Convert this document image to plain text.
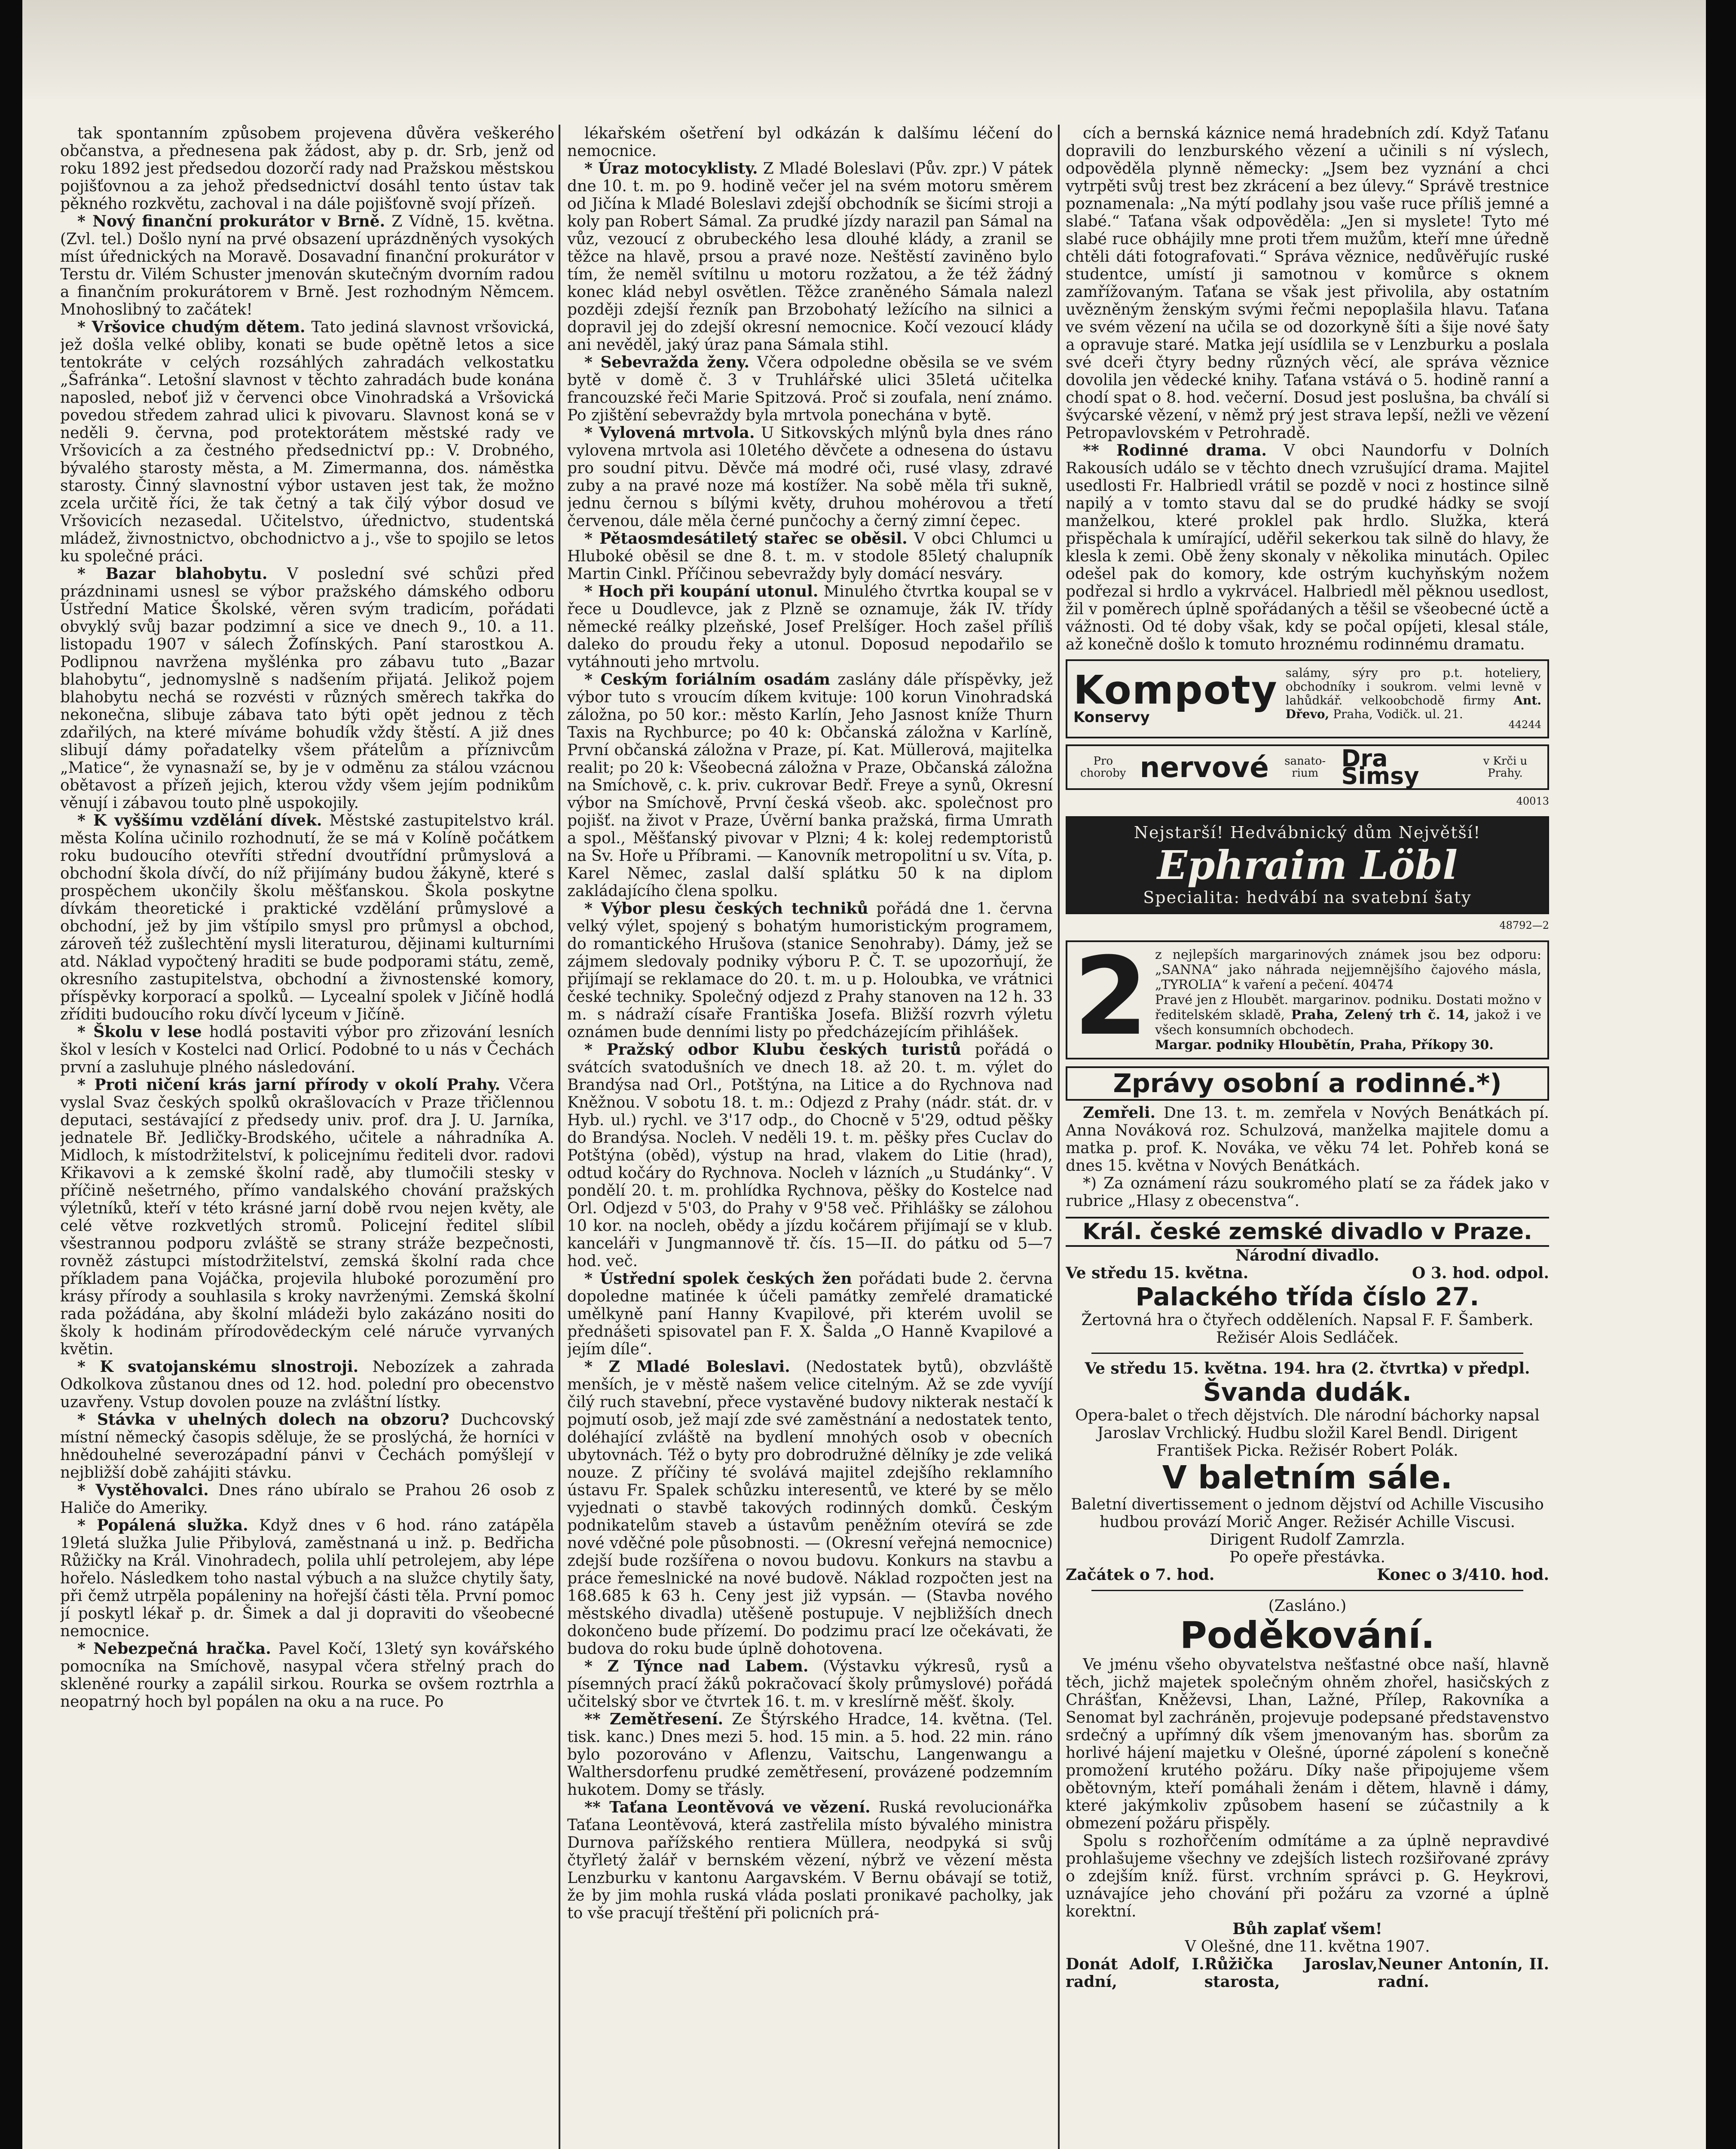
tak spontanním způsobem projevena důvěra veškerého občanstva, a přednesena pak žádost, aby p. dr. Srb, jenž od roku 1892 jest předsedou dozorčí rady nad Pražskou městskou pojišťovnou a za jehož předsednictví dosáhl tento ústav tak pěkného rozkvětu, zachoval i na dále pojišťovně svojí přízeň.

* Nový finanční prokurátor v Brně. Z Vídně, 15. května. (Zvl. tel.) Došlo nyní na prvé obsazení uprázdněných vysokých míst úřednických na Moravě. Dosavadní finanční prokurátor v Terstu dr. Vilém Schuster jmenován skutečným dvorním radou a finančním prokurátorem v Brně. Jest rozhodným Němcem. Mnohoslibný to začátek!

* Vršovice chudým dětem. Tato jediná slavnost vršovická, jež došla velké obliby, konati se bude opětně letos a sice tentokráte v celých rozsáhlých zahradách velkostatku „Šafránka“. Letošní slavnost v těchto zahradách bude konána naposled, neboť již v červenci obce Vinohradská a Vršovická povedou středem zahrad ulici k pivovaru. Slavnost koná se v neděli 9. června, pod protektorátem městské rady ve Vršovicích a za čestného předsednictví pp.: V. Drobného, bývalého starosty města, a M. Zimermanna, dos. náměstka starosty. Činný slavnostní výbor ustaven jest tak, že možno zcela určitě říci, že tak četný a tak čilý výbor dosud ve Vršovicích nezasedal. Učitelstvo, úřednictvo, studentská mládež, živnostnictvo, obchodnictvo a j., vše to spojilo se letos ku společné práci.

* Bazar blahobytu. V poslední své schůzi před prázdninami usnesl se výbor pražského dámského odboru Ústřední Matice Školské, věren svým tradicím, pořádati obvyklý svůj bazar podzimní a sice ve dnech 9., 10. a 11. listopadu 1907 v sálech Žofínských. Paní starostkou A. Podlipnou navržena myšlénka pro zábavu tuto „Bazar blahobytu“, jednomyslně s nadšením přijatá. Jelikož pojem blahobytu nechá se rozvésti v různých směrech takřka do nekonečna, slibuje zábava tato býti opět jednou z těch zdařilých, na které míváme bohudík vždy štěstí. A již dnes slibují dámy pořadatelky všem přátelům a příznivcům „Matice“, že vynasnaží se, by je v odměnu za stálou vzácnou obětavost a přízeň jejich, kterou vždy všem jejím podnikům věnují i zábavou touto plně uspokojily.

* K vyššímu vzdělání dívek. Městské zastupitelstvo král. města Kolína učinilo rozhodnutí, že se má v Kolíně počátkem roku budoucího otevříti střední dvoutřídní průmyslová a obchodní škola dívčí, do níž přijímány budou žákyně, které s prospěchem ukončily školu měšťanskou. Škola poskytne dívkám theoretické i praktické vzdělání průmyslové a obchodní, jež by jim vštípilo smysl pro průmysl a obchod, zároveň též zušlechtění mysli literaturou, dějinami kulturními atd. Náklad vypočtený hraditi se bude podporami státu, země, okresního zastupitelstva, obchodní a živnostenské komory, příspěvky korporací a spolků. — Lycealní spolek v Jičíně hodlá zříditi budoucího roku dívčí lyceum v Jičíně.

* Školu v lese hodlá postaviti výbor pro zřizování lesních škol v lesích v Kostelci nad Orlicí. Podobné to u nás v Čechách první a zasluhuje plného následování.

* Proti ničení krás jarní přírody v okolí Prahy. Včera vyslal Svaz českých spolků okrašlovacích v Praze třičlennou deputaci, sestávající z předsedy univ. prof. dra J. U. Jarníka, jednatele Bř. Jedličky-Brodského, učitele a náhradníka A. Midloch, k místodržitelství, k policejnímu řediteli dvor. radovi Křikavovi a k zemské školní radě, aby tlumočili stesky v příčině nešetrného, přímo vandalského chování pražských výletníků, kteří v této krásné jarní době rvou nejen květy, ale celé větve rozkvetlých stromů. Policejní ředitel slíbil všestrannou podporu zvláště se strany stráže bezpečnosti, rovněž zástupci místodržitelství, zemská školní rada chce příkladem pana Vojáčka, projevila hluboké porozumění pro krásy přírody a souhlasila s kroky navrženými. Zemská školní rada požádána, aby školní mládeži bylo zakázáno nositi do školy k hodinám přírodovědeckým celé náruče vyrvaných květin.

* K svatojanskému slnostroji. Nebozízek a zahrada Odkolkova zůstanou dnes od 12. hod. polední pro obecenstvo uzavřeny. Vstup dovolen pouze na zvláštní lístky.

* Stávka v uhelných dolech na obzoru? Duchcovský místní německý časopis sděluje, že se proslýchá, že horníci v hnědouhelné severozápadní pánvi v Čechách pomýšlejí v nejbližší době zahájiti stávku.

* Vystěhovalci. Dnes ráno ubíralo se Prahou 26 osob z Haliče do Ameriky.

* Popálená služka. Když dnes v 6 hod. ráno zatápěla 19letá služka Julie Přibylová, zaměstnaná u inž. p. Bedřicha Růžičky na Král. Vinohradech, polila uhlí petrolejem, aby lépe hořelo. Následkem toho nastal výbuch a na služce chytily šaty, při čemž utrpěla popáleniny na hořejší části těla. První pomoc jí poskytl lékař p. dr. Šimek a dal ji dopraviti do všeobecné nemocnice.

* Nebezpečná hračka. Pavel Kočí, 13letý syn kovářského pomocníka na Smíchově, nasypal včera střelný prach do skleněné rourky a zapálil sirkou. Rourka se ovšem roztrhla a neopatrný hoch byl popálen na oku a na ruce. Po

lékařském ošetření byl odkázán k dalšímu léčení do nemocnice.

* Úraz motocyklisty. Z Mladé Boleslavi (Pův. zpr.) V pátek dne 10. t. m. po 9. hodině večer jel na svém motoru směrem od Jičína k Mladé Boleslavi zdejší obchodník se šicími stroji a koly pan Robert Sámal. Za prudké jízdy narazil pan Sámal na vůz, vezoucí z obrubeckého lesa dlouhé klády, a zranil se těžce na hlavě, prsou a pravé noze. Neštěstí zaviněno bylo tím, že neměl svítilnu u motoru rozžatou, a že též žádný konec klád nebyl osvětlen. Těžce zraněného Sámala nalezl později zdejší řezník pan Brzobohatý ležícího na silnici a dopravil jej do zdejší okresní nemocnice. Kočí vezoucí klády ani nevěděl, jaký úraz pana Sámala stihl.

* Sebevražda ženy. Včera odpoledne oběsila se ve svém bytě v domě č. 3 v Truhlářské ulici 35letá učitelka francouzské řeči Marie Spitzová. Proč si zoufala, není známo. Po zjištění sebevraždy byla mrtvola ponechána v bytě.

* Vylovená mrtvola. U Sitkovských mlýnů byla dnes ráno vylovena mrtvola asi 10letého děvčete a odnesena do ústavu pro soudní pitvu. Děvče má modré oči, rusé vlasy, zdravé zuby a na pravé noze má kostížer. Na sobě měla tři sukně, jednu černou s bílými květy, druhou mohérovou a třetí červenou, dále měla černé punčochy a černý zimní čepec.

* Pětaosmdesátiletý stařec se oběsil. V obci Chlumci u Hluboké oběsil se dne 8. t. m. v stodole 85letý chalupník Martin Cinkl. Příčinou sebevraždy byly domácí nesváry.

* Hoch při koupání utonul. Minulého čtvrtka koupal se v řece u Doudlevce, jak z Plzně se oznamuje, žák IV. třídy německé reálky plzeňské, Josef Prelšíger. Hoch zašel příliš daleko do proudu řeky a utonul. Doposud nepodařilo se vytáhnouti jeho mrtvolu.

* Ceským foriálním osadám zaslány dále příspěvky, jež výbor tuto s vroucím díkem kvituje: 100 korun Vinohradská záložna, po 50 kor.: město Karlín, Jeho Jasnost kníže Thurn Taxis na Rychburce; po 40 k: Občanská záložna v Karlíně, První občanská záložna v Praze, pí. Kat. Müllerová, majitelka realit; po 20 k: Všeobecná záložna v Praze, Občanská záložna na Smíchově, c. k. priv. cukrovar Bedř. Freye a synů, Okresní výbor na Smíchově, První česká všeob. akc. společnost pro pojišť. na život v Praze, Úvěrní banka pražská, firma Umrath a spol., Měšťanský pivovar v Plzni; 4 k: kolej redemptoristů na Sv. Hoře u Příbrami. — Kanovník metropolitní u sv. Víta, p. Karel Němec, zaslal další splátku 50 k na diplom zakládajícího člena spolku.

* Výbor plesu českých techniků pořádá dne 1. června velký výlet, spojený s bohatým humoristickým programem, do romantického Hrušova (stanice Senohraby). Dámy, jež se zájmem sledovaly podniky výboru P. Č. T. se upozorňují, že přijímají se reklamace do 20. t. m. u p. Holoubka, ve vrátnici české techniky. Společný odjezd z Prahy stanoven na 12 h. 33 m. s nádraží císaře Františka Josefa. Bližší rozvrh výletu oznámen bude denními listy po předcházejícím přihlášek.

* Pražský odbor Klubu českých turistů pořádá o svátcích svatodušních ve dnech 18. až 20. t. m. výlet do Brandýsa nad Orl., Potštýna, na Litice a do Rychnova nad Kněžnou. V sobotu 18. t. m.: Odjezd z Prahy (nádr. stát. dr. v Hyb. ul.) rychl. ve 3'17 odp., do Chocně v 5'29, odtud pěšky do Brandýsa. Nocleh. V neděli 19. t. m. pěšky přes Cuclav do Potštýna (oběd), výstup na hrad, vlakem do Litie (hrad), odtud kočáry do Rychnova. Nocleh v lázních „u Studánky“. V pondělí 20. t. m. prohlídka Rychnova, pěšky do Kostelce nad Orl. Odjezd v 5'03, do Prahy v 9'58 več. Přihlášky se zálohou 10 kor. na nocleh, obědy a jízdu kočárem přijímají se v klub. kanceláři v Jungmannově tř. čís. 15—II. do pátku od 5—7 hod. več.

* Ústřední spolek českých žen pořádati bude 2. června dopoledne matinée k účeli památky zemřelé dramatické umělkyně paní Hanny Kvapilové, při kterém uvolil se přednášeti spisovatel pan F. X. Šalda „O Hanně Kvapilové a jejím díle“.

* Z Mladé Boleslavi. (Nedostatek bytů), obzvláště menších, je v městě našem velice citelným. Až se zde vyvíjí čilý ruch stavební, přece vystavěné budovy nikterak nestačí k pojmutí osob, jež mají zde své zaměstnání a nedostatek tento, doléhající zvláště na bydlení mnohých osob v obecních ubytovnách. Též o byty pro dobrodružné dělníky je zde veliká nouze. Z příčiny té svolává majitel zdejšího reklamního ústavu Fr. Spalek schůzku interesentů, ve které by se mělo vyjednati o stavbě takových rodinných domků. Českým podnikatelům staveb a ústavům peněžním otevírá se zde nové vděčné pole působnosti. — (Okresní veřejná nemocnice) zdejší bude rozšířena o novou budovu. Konkurs na stavbu a práce řemeslnické na nové budově. Náklad rozpočten jest na 168.685 k 63 h. Ceny jest již vypsán. — (Stavba nového městského divadla) utěšeně postupuje. V nejbližších dnech dokončeno bude přízemí. Do podzimu prací lze očekávati, že budova do roku bude úplně dohotovena.

* Z Týnce nad Labem. (Výstavku výkresů, rysů a písemných prací žáků pokračovací školy průmyslové) pořádá učitelský sbor ve čtvrtek 16. t. m. v kreslírně měšť. školy.

** Zemětřesení. Ze Štýrského Hradce, 14. května. (Tel. tisk. kanc.) Dnes mezi 5. hod. 15 min. a 5. hod. 22 min. ráno bylo pozorováno v Aflenzu, Vaitschu, Langenwangu a Walthersdorfenu prudké zemětřesení, provázené podzemním hukotem. Domy se třásly.

** Taťana Leontěvová ve vězení. Ruská revolucionářka Taťana Leontěvová, která zastřelila místo bývalého ministra Durnova pařížského rentiera Müllera, neodpyká si svůj čtyřletý žalář v bernském vězení, nýbrž ve vězení města Lenzburku v kantonu Aargavském. V Bernu obávají se totiž, že by jim mohla ruská vláda poslati pronikavé pacholky, jak to vše pracují třeštění při policních prá-

cích a bernská káznice nemá hradebních zdí. Když Taťanu dopravili do lenzburského vězení a učinili s ní výslech, odpověděla plynně německy: „Jsem bez vyznání a chci vytrpěti svůj trest bez zkrácení a bez úlevy.“ Správě trestnice poznamenala: „Na mýtí podlahy jsou vaše ruce příliš jemné a slabé.“ Taťana však odpověděla: „Jen si myslete! Tyto mé slabé ruce obhájily mne proti třem mužům, kteří mne úředně chtěli dáti fotografovati.“ Správa věznice, nedůvěřujíc ruské studentce, umístí ji samotnou v komůrce s oknem zamřížovaným. Taťana se však jest přivolila, aby ostatním uvězněným ženským svými řečmi nepoplašila hlavu. Taťana ve svém vězení na učila se od dozorkyně šíti a šije nové šaty a opravuje staré. Matka její usídlila se v Lenzburku a poslala své dceři čtyry bedny různých věcí, ale správa věznice dovolila jen vědecké knihy. Taťana vstává o 5. hodině ranní a chodí spat o 8. hod. večerní. Dosud jest poslušna, ba chválí si švýcarské vězení, v němž prý jest strava lepší, nežli ve vězení Petropavlovském v Petrohradě.

** Rodinné drama. V obci Naundorfu v Dolních Rakousích událo se v těchto dnech vzrušující drama. Majitel usedlosti Fr. Halbriedl vrátil se pozdě v noci z hostince silně napilý a v tomto stavu dal se do prudké hádky se svojí manželkou, které proklel pak hrdlo. Služka, která přispěchala k umírající, uděřil sekerkou tak silně do hlavy, že klesla k zemi. Obě ženy skonaly v několika minutách. Opilec odešel pak do komory, kde ostrým kuchyňským nožem podřezal si hrdlo a vykrvácel. Halbriedl měl pěknou usedlost, žil v poměrech úplně spořádaných a těšil se všeobecné úctě a vážnosti. Od té doby však, kdy se počal opíjeti, klesal stále, až konečně došlo k tomuto hroznému rodinnému dramatu.

Kompoty
Konservy
salámy, sýry pro p.t. hoteliery, obchodníky i soukrom. velmi levně v lahůdkář. velkoobchodě firmy Ant. Dřevo, Praha, Vodičk. ul. 21.
44244
Pro choroby nervové	sanato-rium
Dra Šimsy
v Krči u Prahy.
40013
Nejstarší! Hedvábnický dům Největší!
Ephraim Löbl
Specialita: hedvábí na svatební šaty
48792—2
2 z nejlepších margarinových známek jsou bez odporu: „SANNA“ jako náhrada nejjemnějšího čajového másla, „TYROLIA“ k vaření a pečení. 40474
Pravé jen z Hloubět. margarinov. podniku. Dostati možno v ředitelském skladě, Praha, Zelený trh č. 14, jakož i ve všech konsumních obchodech.
Margar. podniky Hloubětín, Praha, Příkopy 30.
Zprávy osobní a rodinné.*)

Zemřeli. Dne 13. t. m. zemřela v Nových Benátkách pí. Anna Nováková roz. Schulzová, manželka majitele domu a matka p. prof. K. Nováka, ve věku 74 let. Pohřeb koná se dnes 15. května v Nových Benátkách.

*) Za oznámení rázu soukromého platí se za řádek jako v rubrice „Hlasy z obecenstva“.

Král. české zemské divadlo v Praze.

Národní divadlo.

Ve středu 15. května.	O 3. hod. odpol.

Palackého třída číslo 27.

Žertovná hra o čtyřech odděleních. Napsal F. F. Šamberk. Režisér Alois Sedláček.

Ve středu 15. května. 194. hra (2. čtvrtka) v předpl.

Švanda dudák.

Opera-balet o třech dějstvích. Dle národní báchorky napsal Jaroslav Vrchlický. Hudbu složil Karel Bendl. Dirigent František Picka. Režisér Robert Polák.

V baletním sále.

Baletní divertissement o jednom dějství od Achille Viscusiho hudbou provází Morič Anger. Režisér Achille Viscusi. Dirigent Rudolf Zamrzla.

Po opeře přestávka.

Začátek o 7. hod.	Konec o 3/410. hod.

(Zasláno.)

Poděkování.

Ve jménu všeho obyvatelstva nešťastné obce naší, hlavně těch, jichž majetek společným ohněm zhořel, hasičských z Chrášťan, Kněževsi, Lhan, Lažné, Přílep, Rakovníka a Senomat byl zachráněn, projevuje podepsané představenstvo srdečný a upřímný dík všem jmenovaným has. sborům za horlivé hájení majetku v Olešné, úporné zápolení s konečně promožení krutého požáru. Díky naše připojujeme všem obětovným, kteří pomáhali ženám i dětem, hlavně i dámy, které jakýmkoliv způsobem hasení se zúčastnily a k obmezení požáru přispěly.

Spolu s rozhořčením odmítáme a za úplně nepravdivé prohlašujeme všechny ve zdejších listech rozšiřované zprávy o zdejším kníž. fürst. vrchním správci p. G. Heykrovi, uznávajíce jeho chování při požáru za vzorné a úplně korektní.

Bůh zaplať všem!

V Olešné, dne 11. května 1907.

Donát Adolf, I. radní,
Růžička Jaroslav, starosta,
Neuner Antonín, II. radní.
